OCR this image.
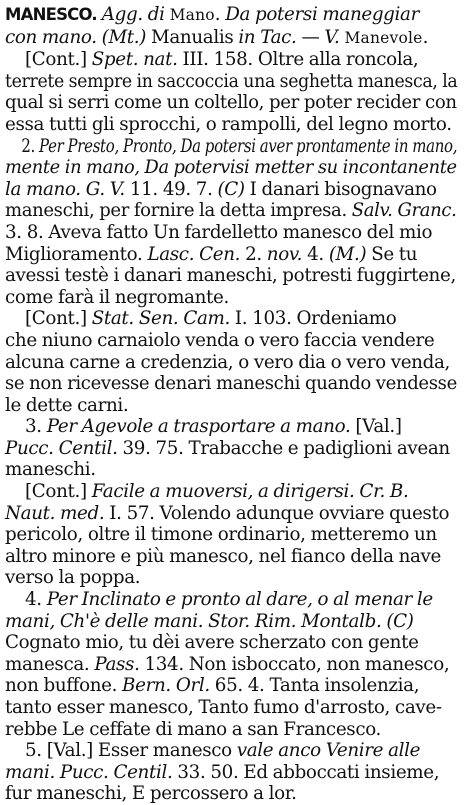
MANESCO. Agg. di Mano. Da potersi maneggiar
con mano. (Mt.) Manualis in Tac. — V. Manevole.
[Cont.] Spet. nat. III. 158. Oltre alla roncola,
terrete sempre in saccoccia una seghetta manesca, la
qual si serri come un coltello, per poter recider con
essa tutti gli sprocchi, o rampolli, del legno morto.
2. Per Presto, Pronto, Da potersi aver prontamente in mano,
mente in mano, Da potervisi metter su incontanente
la mano. G. V. 11. 49. 7. (C) I danari bisognavano
maneschi, per fornire la detta impresa. Salv. Granc.
3. 8. Aveva fatto Un fardelletto manesco del mio
Miglioramento. Lasc. Cen. 2. nov. 4. (M.) Se tu
avessi testè i danari maneschi, potresti fuggirtene,
come farà il negromante.
[Cont.] Stat. Sen. Cam. I. 103. Ordeniamo
che niuno carnaiolo venda o vero faccia vendere
alcuna carne a credenzia, o vero dia o vero venda,
se non ricevesse denari maneschi quando vendesse
le dette carni.
3. Per Agevole a trasportare a mano. [Val.]
Pucc. Centil. 39. 75. Trabacche e padiglioni avean
maneschi.
[Cont.] Facile a muoversi, a dirigersi. Cr. B.
Naut. med. I. 57. Volendo adunque ovviare questo
pericolo, oltre il timone ordinario, metteremo un
altro minore e più manesco, nel fianco della nave
verso la poppa.
4. Per Inclinato e pronto al dare, o al menar le
mani, Ch'è delle mani. Stor. Rim. Montalb. (C)
Cognato mio, tu dèi avere scherzato con gente
manesca. Pass. 134. Non isboccato, non manesco,
non buffone. Bern. Orl. 65. 4. Tanta insolenzia,
tanto esser manesco, Tanto fumo d'arrosto, cave-
rebbe Le ceffate di mano a san Francesco.
5. [Val.] Esser manesco vale anco Venire alle
mani. Pucc. Centil. 33. 50. Ed abboccati insieme,
fur maneschi, E percossero a lor.
